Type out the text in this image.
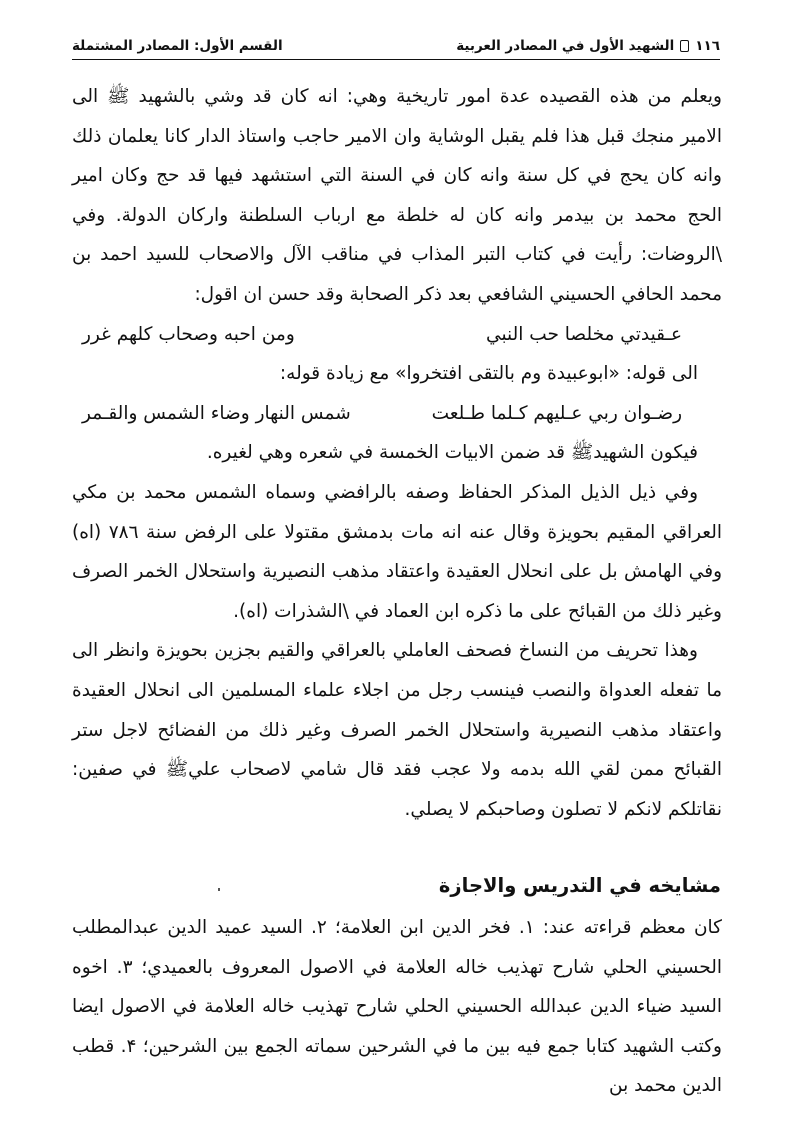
١١٦
الشهيد الأول في المصادر العربية
القسم الأول: المصادر المشتملة

ويعلم من هذه القصيده عدة امور تاريخية وهي: انه كان قد وشي بالشهيد ﷺ الى الامير منجك قبل هذا فلم يقبل الوشاية وان الامير حاجب واستاذ الدار كانا يعلمان ذلك وانه كان يحج في كل سنة وانه كان في السنة التي استشهد فيها قد حج وكان امير الحج محمد بن بيدمر وانه كان له خلطة مع ارباب السلطنة واركان الدولة. وفي \الروضات: رأيت في كتاب التبر المذاب في مناقب الآل والاصحاب للسيد احمد بن محمد الحافي الحسيني الشافعي بعد ذكر الصحابة وقد حسن ان اقول:

عـقيدتي مخلصا حب النبي
ومن احبه وصحاب كلهم غرر

الى قوله: «ابوعبيدة وم بالتقى افتخروا» مع زيادة قوله:

رضـوان ربي عـليهم كـلما طـلعت
شمس النهار وضاء الشمس والقـمر

فيكون الشهيدﷺ قد ضمن الابيات الخمسة في شعره وهي لغيره.

وفي ذيل الذيل المذكر الحفاظ وصفه بالرافضي وسماه الشمس محمد بن مكي العراقي المقيم بحويزة وقال عنه انه مات بدمشق مقتولا على الرفض سنة ٧٨٦ (اه) وفي الهامش بل على انحلال العقيدة واعتقاد مذهب النصيرية واستحلال الخمر الصرف وغير ذلك من القبائح على ما ذكره ابن العماد في \الشذرات (اه).

وهذا تحريف من النساخ فصحف العاملي بالعراقي والقيم بجزين بحويزة وانظر الى ما تفعله العدواة والنصب فينسب رجل من اجلاء علماء المسلمين الى انحلال العقيدة واعتقاد مذهب النصيرية واستحلال الخمر الصرف وغير ذلك من الفضائح لاجل ستر القبائح ممن لقي الله بدمه ولا عجب فقد قال شامي لاصحاب عليﷺ في صفين: نقاتلكم لانكم لا تصلون وصاحبكم لا يصلي.

مشايخه في التدريس والاجازة

كان معظم قراءته عند: ١. فخر الدين ابن العلامة؛ ٢. السيد عميد الدين عبدالمطلب الحسيني الحلي شارح تهذيب خاله العلامة في الاصول المعروف بالعميدي؛ ٣. اخوه السيد ضياء الدين عبدالله الحسيني الحلي شارح تهذيب خاله العلامة في الاصول ايضا وكتب الشهيد كتابا جمع فيه بين ما في الشرحين سماته الجمع بين الشرحين؛ ۴. قطب الدين محمد بن
